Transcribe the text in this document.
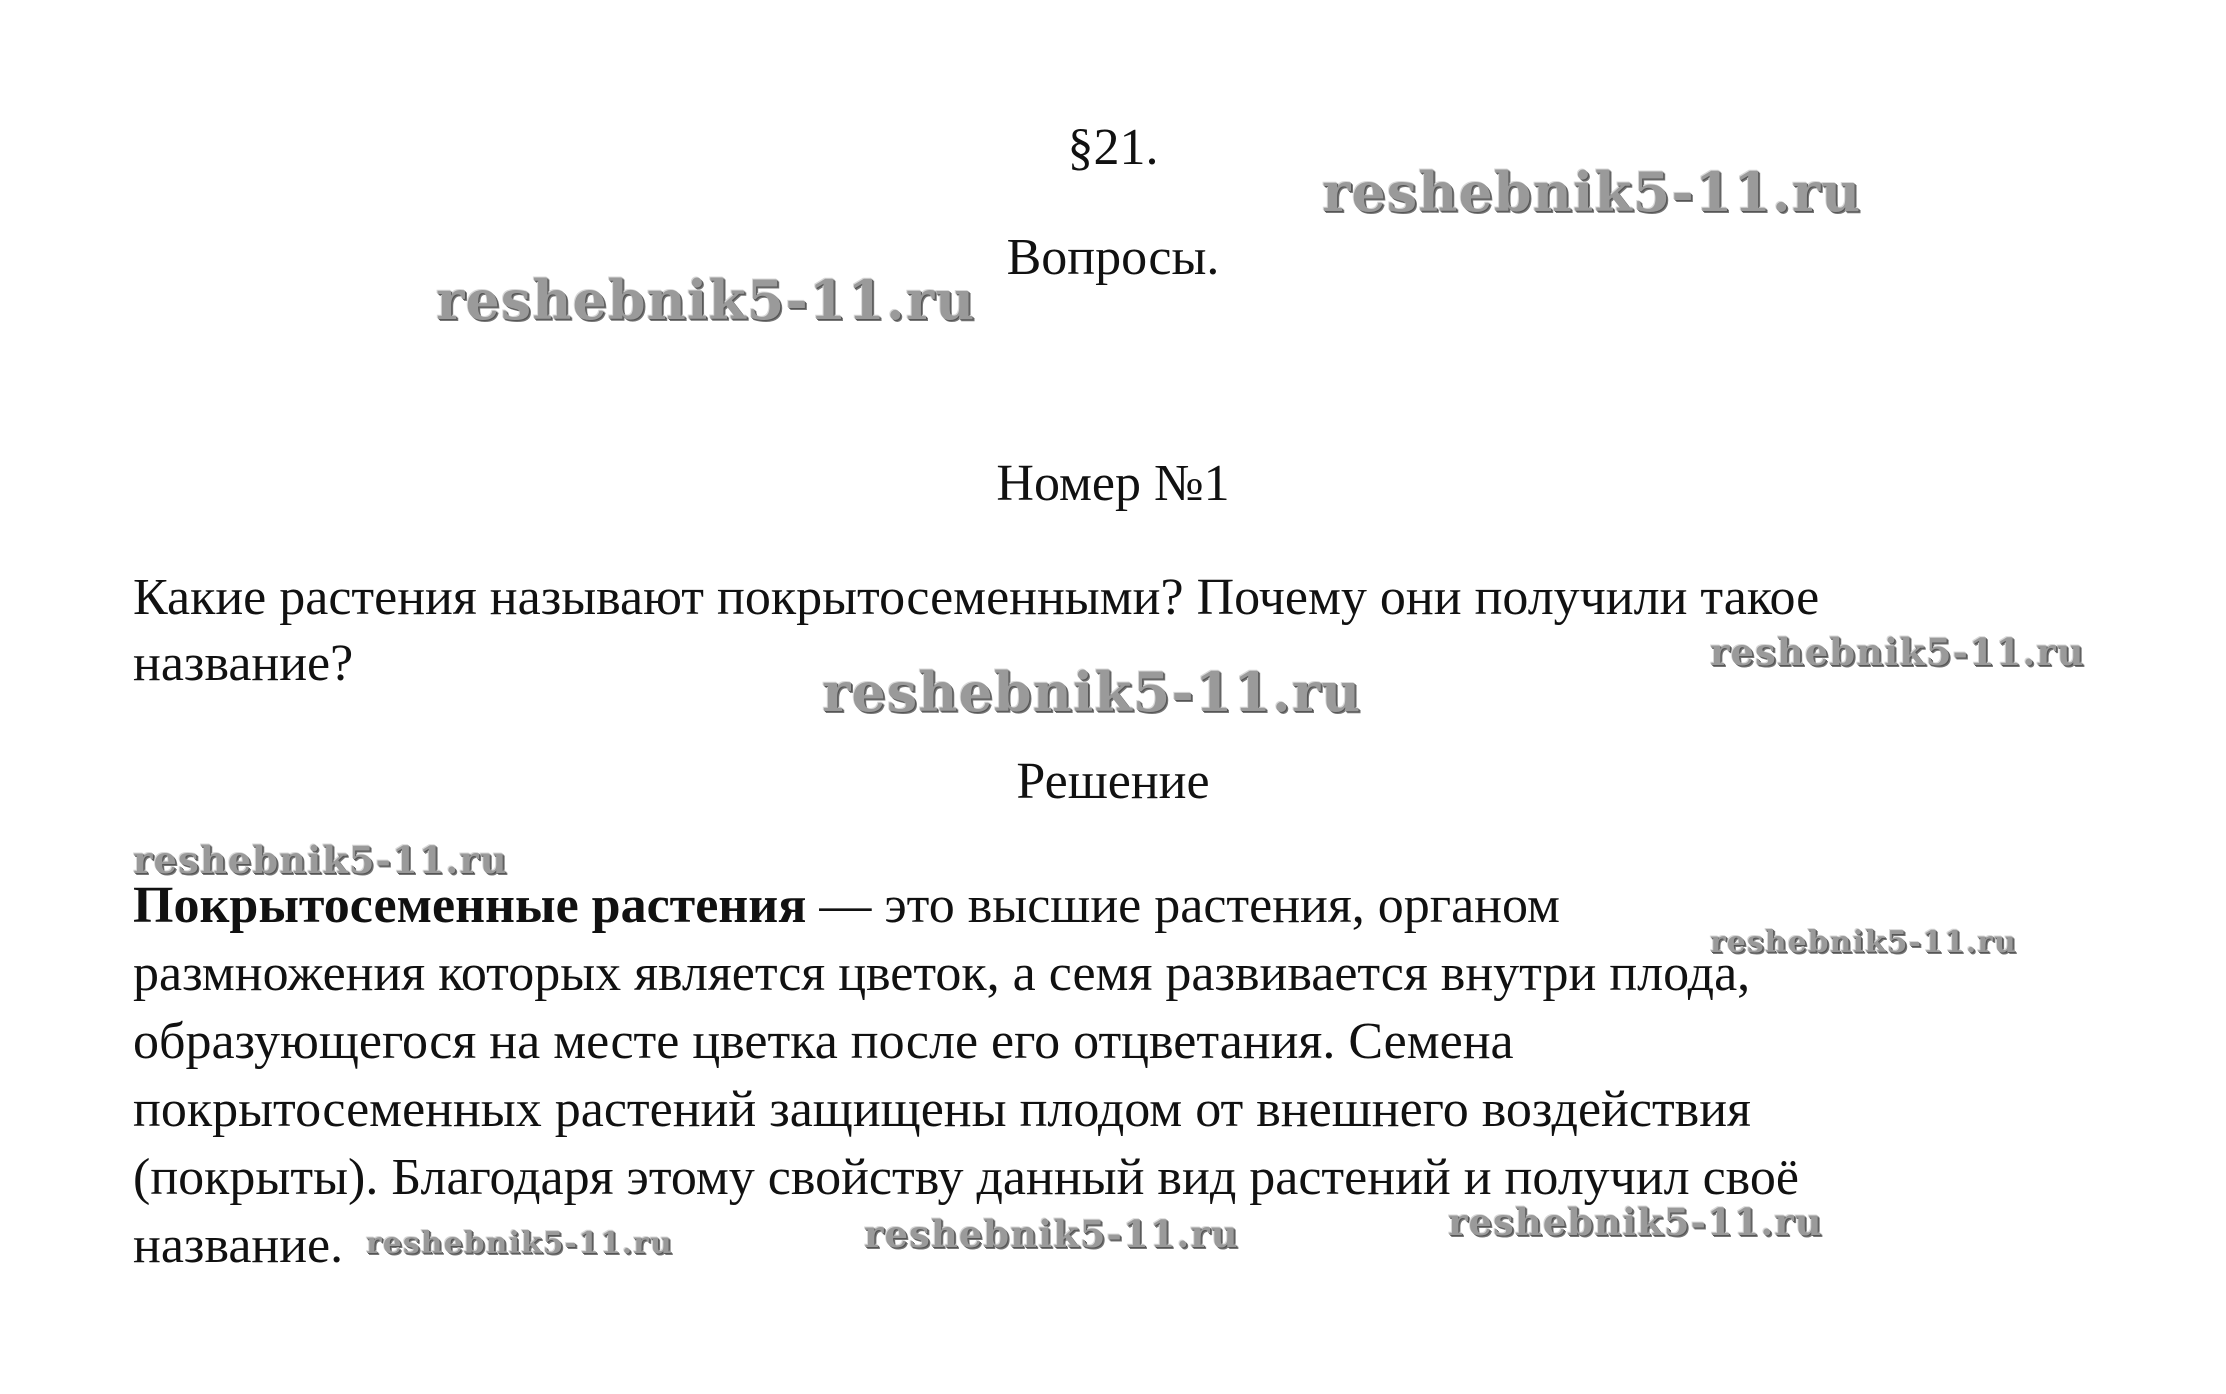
§21.

Вопросы.

Номер №1

Какие растения называют покрытосеменными? Почему они получили такое

название?

Решение

Покрытосеменные растения — это высшие растения, органом

размножения которых является цветок, а семя развивается внутри плода,

образующегося на месте цветка после его отцветания. Семена

покрытосеменных растений защищены плодом от внешнего воздействия

(покрыты). Благодаря этому свойству данный вид растений и получил своё

название.

reshebnik5-11.ru
reshebnik5-11.ru
reshebnik5-11.ru
reshebnik5-11.ru
reshebnik5-11.ru
reshebnik5-11.ru
reshebnik5-11.ru	reshebnik5-11.ru
reshebnik5-11.ru
